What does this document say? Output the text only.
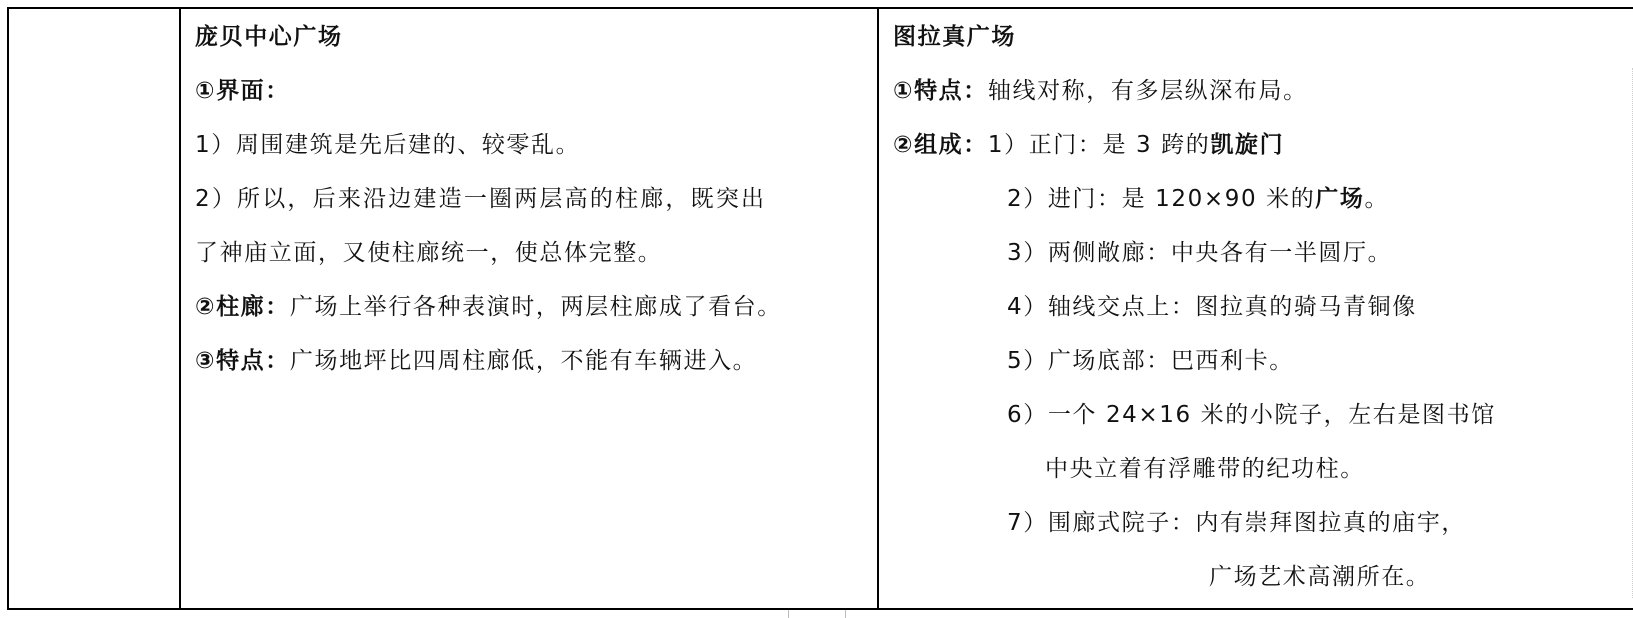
庞贝中心广场
①界面：
1）周围建筑是先后建的、较零乱。
2）所以，后来沿边建造一圈两层高的柱廊，既突出
了神庙立面，又使柱廊统一，使总体完整。
②柱廊：广场上举行各种表演时，两层柱廊成了看台。
③特点：广场地坪比四周柱廊低，不能有车辆进入。
图拉真广场
①特点：轴线对称，有多层纵深布局。
②组成：1）正门：是 3 跨的凯旋门
2）进门：是 120×90 米的广场。
3）两侧敞廊：中央各有一半圆厅。
4）轴线交点上：图拉真的骑马青铜像
5）广场底部：巴西利卡。
6）一个 24×16 米的小院子，左右是图书馆
中央立着有浮雕带的纪功柱。
7）围廊式院子：内有崇拜图拉真的庙宇，
广场艺术高潮所在。
